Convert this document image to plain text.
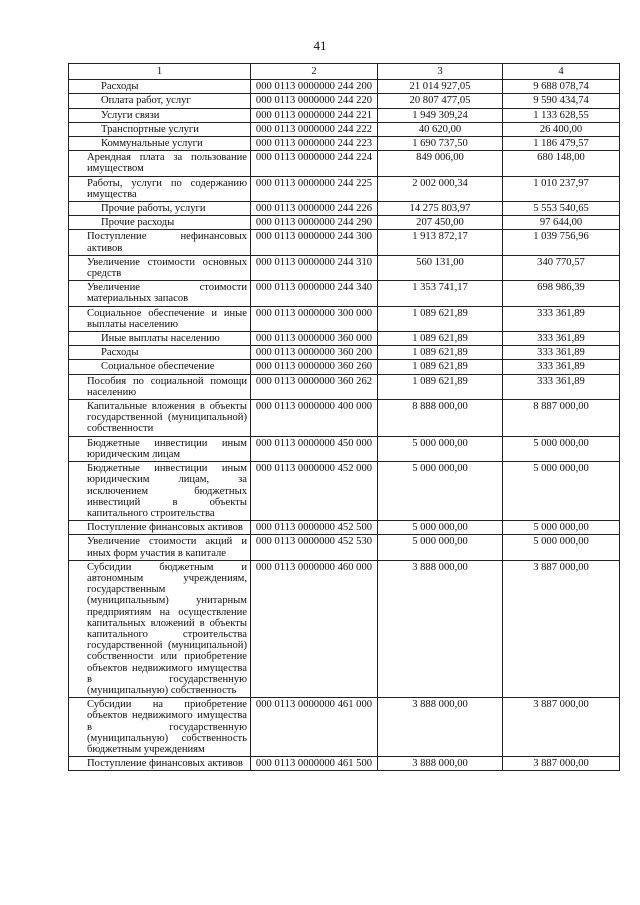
41
1	2	3	4
Расходы	000 0113 0000000 244 200	21 014 927,05	9 688 078,74
Оплата работ, услуг	000 0113 0000000 244 220	20 807 477,05	9 590 434,74
Услуги связи	000 0113 0000000 244 221	1 949 309,24	1 133 628,55
Транспортные услуги	000 0113 0000000 244 222	40 620,00	26 400,00
Коммунальные услуги	000 0113 0000000 244 223	1 690 737,50	1 186 479,57
Арендная плата за пользование имуществом	000 0113 0000000 244 224	849 006,00	680 148,00
Работы, услуги по содержанию имущества	000 0113 0000000 244 225	2 002 000,34	1 010 237,97
Прочие работы, услуги	000 0113 0000000 244 226	14 275 803,97	5 553 540,65
Прочие расходы	000 0113 0000000 244 290	207 450,00	97 644,00
Поступление нефинансовых активов	000 0113 0000000 244 300	1 913 872,17	1 039 756,96
Увеличение стоимости основных средств	000 0113 0000000 244 310	560 131,00	340 770,57
Увеличение стоимости материальных запасов	000 0113 0000000 244 340	1 353 741,17	698 986,39
Социальное обеспечение и иные выплаты населению	000 0113 0000000 300 000	1 089 621,89	333 361,89
Иные выплаты населению	000 0113 0000000 360 000	1 089 621,89	333 361,89
Расходы	000 0113 0000000 360 200	1 089 621,89	333 361,89
Социальное обеспечение	000 0113 0000000 360 260	1 089 621,89	333 361,89
Пособия по социальной помощи населению	000 0113 0000000 360 262	1 089 621,89	333 361,89
Капитальные вложения в объекты государственной (муниципальной) собственности	000 0113 0000000 400 000	8 888 000,00	8 887 000,00
Бюджетные инвестиции иным юридическим лицам	000 0113 0000000 450 000	5 000 000,00	5 000 000,00
Бюджетные инвестиции иным юридическим лицам, за исключением бюджетных инвестиций в объекты капитального строительства	000 0113 0000000 452 000	5 000 000,00	5 000 000,00
Поступление финансовых активов	000 0113 0000000 452 500	5 000 000,00	5 000 000,00
Увеличение стоимости акций и иных форм участия в капитале	000 0113 0000000 452 530	5 000 000,00	5 000 000,00
Субсидии бюджетным и автономным учреждениям, государственным (муниципальным) унитарным предприятиям на осуществление капитальных вложений в объекты капитального строительства государственной (муниципальной) собственности или приобретение объектов недвижимого имущества в государственную (муниципальную) собственность	000 0113 0000000 460 000	3 888 000,00	3 887 000,00
Субсидии на приобретение объектов недвижимого имущества в государственную (муниципальную) собственность бюджетным учреждениям	000 0113 0000000 461 000	3 888 000,00	3 887 000,00
Поступление финансовых активов	000 0113 0000000 461 500	3 888 000,00	3 887 000,00
